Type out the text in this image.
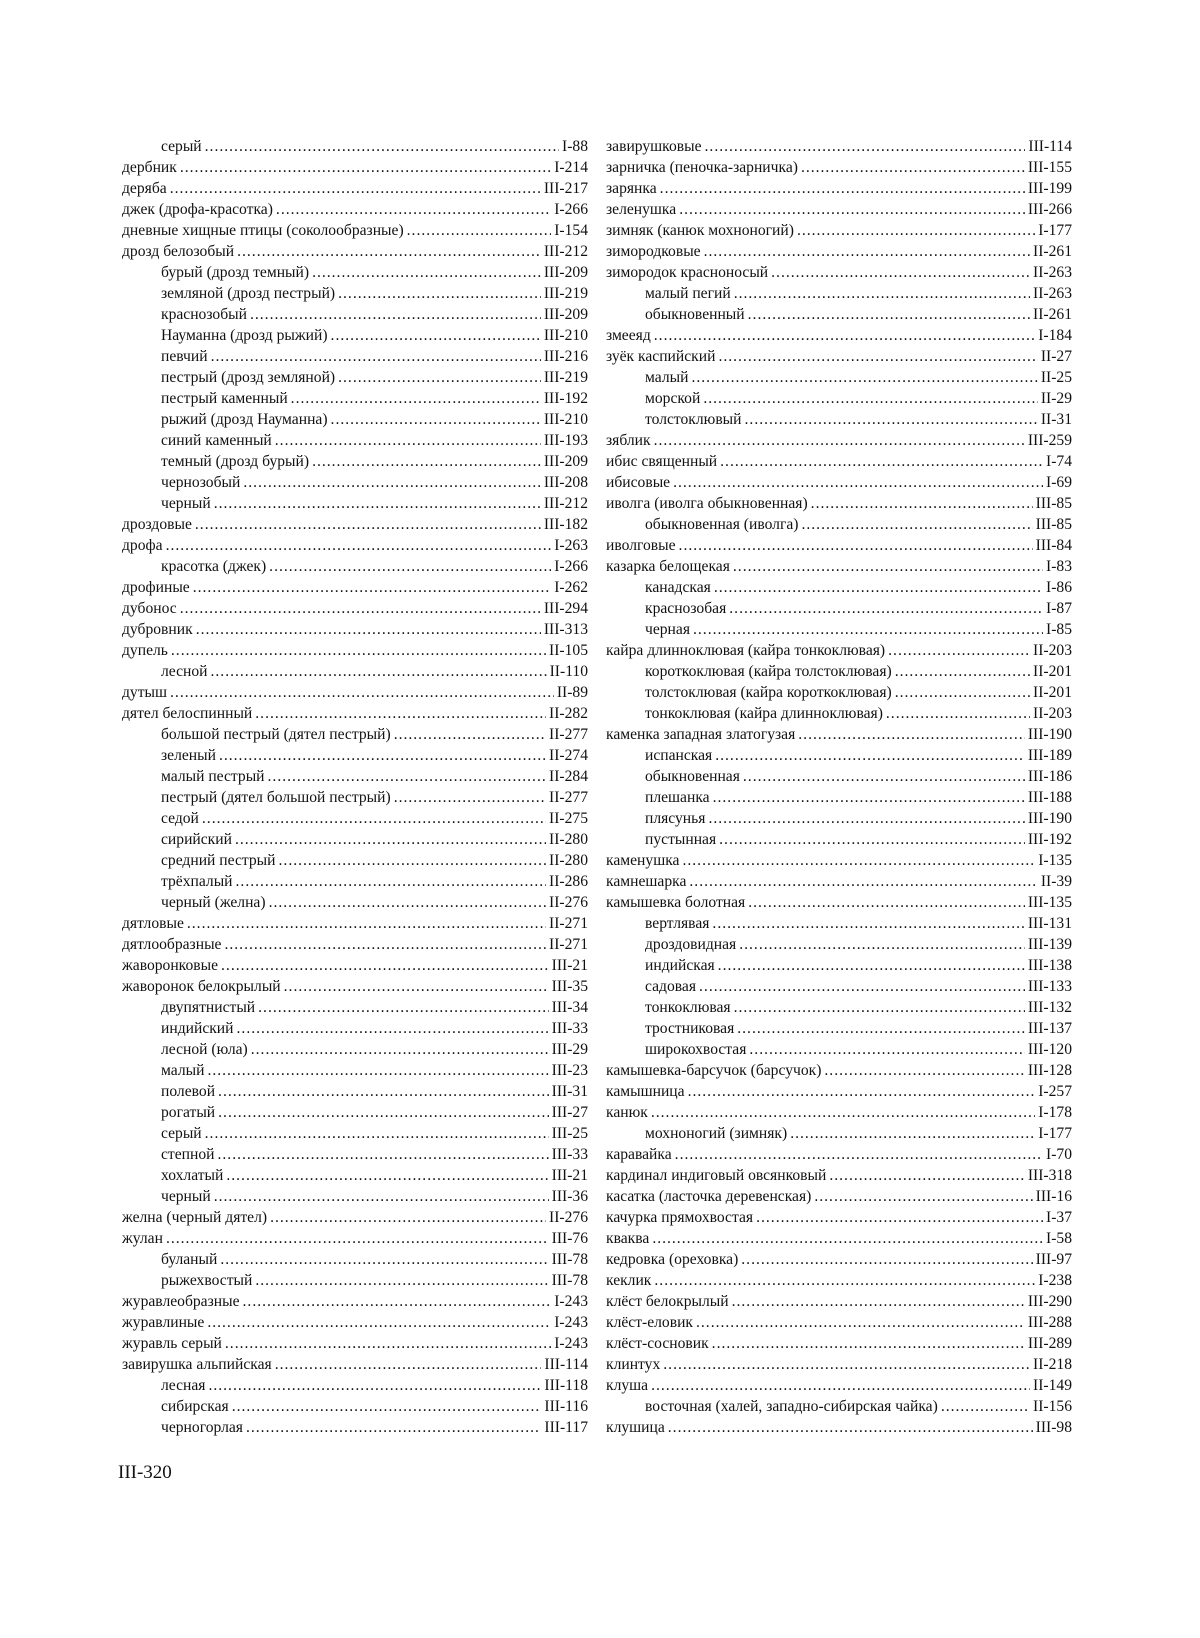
серый .....	I-88
дербник .....	I-214
деряба .....	III-217
джек (дрофа-красотка) .....	I-266
дневные хищные птицы (соколообразные) .....	I-154
дрозд белозобый .....	III-212
бурый (дрозд темный) .....	III-209
земляной (дрозд пестрый) .....	III-219
краснозобый .....	III-209
Науманна (дрозд рыжий) .....	III-210
певчий .....	III-216
пестрый (дрозд земляной) .....	III-219
пестрый каменный .....	III-192
рыжий (дрозд Науманна) .....	III-210
синий каменный .....	III-193
темный (дрозд бурый) .....	III-209
чернозобый .....	III-208
черный .....	III-212
дроздовые .....	III-182
дрофа .....	I-263
красотка (джек) .....	I-266
дрофиные .....	I-262
дубонос .....	III-294
дубровник .....	III-313
дупель .....	II-105
лесной .....	II-110
дутыш .....	II-89
дятел белоспинный .....	II-282
большой пестрый (дятел пестрый) .....	II-277
зеленый .....	II-274
малый пестрый .....	II-284
пестрый (дятел большой пестрый) .....	II-277
седой .....	II-275
сирийский .....	II-280
средний пестрый .....	II-280
трёхпалый .....	II-286
черный (желна) .....	II-276
дятловые .....	II-271
дятлообразные .....	II-271
жаворонковые .....	III-21
жаворонок белокрылый .....	III-35
двупятнистый .....	III-34
индийский .....	III-33
лесной (юла) .....	III-29
малый .....	III-23
полевой .....	III-31
рогатый .....	III-27
серый .....	III-25
степной .....	III-33
хохлатый .....	III-21
черный .....	III-36
желна (черный дятел) .....	II-276
жулан .....	III-76
буланый .....	III-78
рыжехвостый .....	III-78
журавлеобразные .....	I-243
журавлиные .....	I-243
журавль серый .....	I-243
завирушка альпийская .....	III-114
лесная .....	III-118
сибирская .....	III-116
черногорлая .....	III-117
завирушковые .....	III-114
зарничка (пеночка-зарничка) .....	III-155
зарянка .....	III-199
зеленушка .....	III-266
зимняк (канюк мохноногий) .....	I-177
зимородковые .....	II-261
зимородок красноносый .....	II-263
малый пегий .....	II-263
обыкновенный .....	II-261
змееяд .....	I-184
зуёк каспийский .....	II-27
малый .....	II-25
морской .....	II-29
толстоклювый .....	II-31
зяблик .....	III-259
ибис священный .....	I-74
ибисовые .....	I-69
иволга (иволга обыкновенная) .....	III-85
обыкновенная (иволга) .....	III-85
иволговые .....	III-84
казарка белощекая .....	I-83
канадская .....	I-86
краснозобая .....	I-87
черная .....	I-85
кайра длинноклювая (кайра тонкоклювая) .....	II-203
короткоклювая (кайра толстоклювая) .....	II-201
толстоклювая (кайра короткоклювая) .....	II-201
тонкоклювая (кайра длинноклювая) .....	II-203
каменка западная златогузая .....	III-190
испанская .....	III-189
обыкновенная .....	III-186
плешанка .....	III-188
плясунья .....	III-190
пустынная .....	III-192
каменушка .....	I-135
камнешарка .....	II-39
камышевка болотная .....	III-135
вертлявая .....	III-131
дроздовидная .....	III-139
индийская .....	III-138
садовая .....	III-133
тонкоклювая .....	III-132
тростниковая .....	III-137
широкохвостая .....	III-120
камышевка-барсучок (барсучок) .....	III-128
камышница .....	I-257
канюк .....	I-178
мохноногий (зимняк) .....	I-177
каравайка .....	I-70
кардинал индиговый овсянковый .....	III-318
касатка (ласточка деревенская) .....	III-16
качурка прямохвостая .....	I-37
кваква .....	I-58
кедровка (ореховка) .....	III-97
кеклик .....	I-238
клёст белокрылый .....	III-290
клёст-еловик .....	III-288
клёст-сосновик .....	III-289
клинтух .....	II-218
клуша .....	II-149
восточная (халей, западно-сибирская чайка) .....	II-156
клушица .....	III-98
III-320
